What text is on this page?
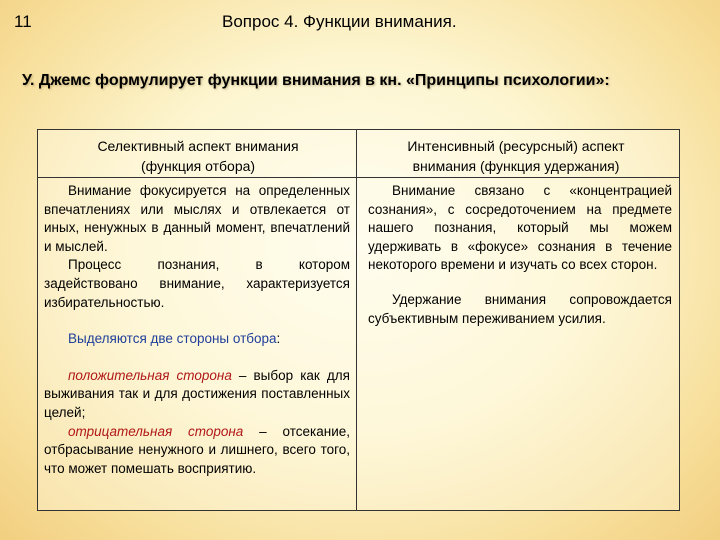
11	Вопрос 4. Функции внимания.
У. Джемс формулирует функции внимания в кн. «Принципы психологии»:
Селективный аспект внимания
(функция отбора)
Интенсивный (ресурсный) аспект
внимания (функция удержания)

Внимание фокусируется на определенных впечатлениях или мыслях и отвлекается от иных, ненужных в данный момент, впечатлений и мыслей.

Процесс познания, в котором задействовано внимание, характеризуется избирательностью.

Выделяются две стороны отбора:

положительная сторона – выбор как для выживания так и для достижения поставленных целей;

отрицательная сторона – отсекание, отбрасывание ненужного и лишнего, всего того, что может помешать восприятию.

Внимание связано с «концентрацией сознания», с сосредоточением на предмете нашего познания, который мы можем удерживать в «фокусе» сознания в течение некоторого времени и изучать со всех сторон.

Удержание внимания сопровождается субъективным переживанием усилия.
